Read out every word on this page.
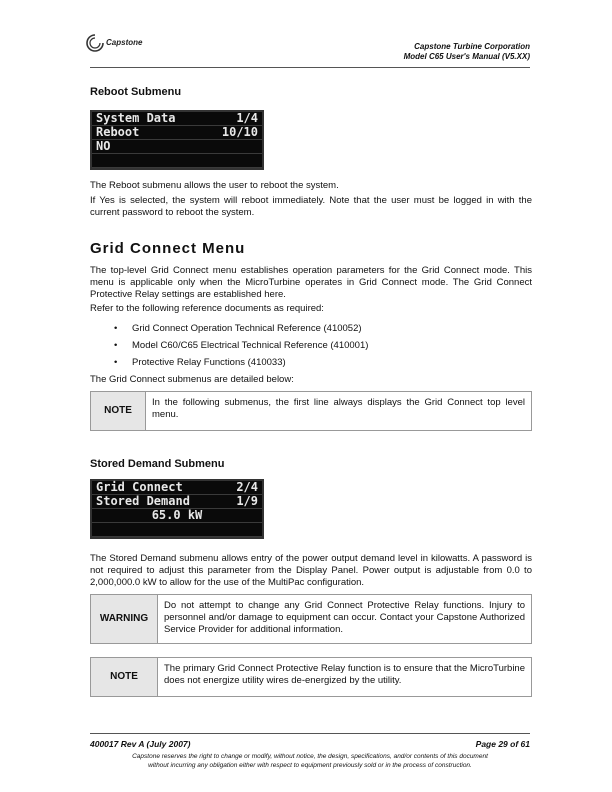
Capstone	Capstone Turbine Corporation
Model C65 User's Manual (V5.XX)
Reboot Submenu
System Data	1/4
Reboot	10/10
NO

The Reboot submenu allows the user to reboot the system.

If Yes is selected, the system will reboot immediately. Note that the user must be logged in with the current password to reboot the system.

Grid Connect Menu

The top-level Grid Connect menu establishes operation parameters for the Grid Connect mode. This menu is applicable only when the MicroTurbine operates in Grid Connect mode. The Grid Connect Protective Relay settings are established here.

Refer to the following reference documents as required:

• Grid Connect Operation Technical Reference (410052)
• Model C60/C65 Electrical Technical Reference (410001)
• Protective Relay Functions (410033)

The Grid Connect submenus are detailed below:

NOTE
In the following submenus, the first line always displays the Grid Connect top level menu.
Stored Demand Submenu
Grid Connect	2/4
Stored Demand	1/9
65.0 kW

The Stored Demand submenu allows entry of the power output demand level in kilowatts. A password is not required to adjust this parameter from the Display Panel. Power output is adjustable from 0.0 to 2,000,000.0 kW to allow for the use of the MultiPac configuration.

WARNING
Do not attempt to change any Grid Connect Protective Relay functions. Injury to personnel and/or damage to equipment can occur. Contact your Capstone Authorized Service Provider for additional information.
NOTE
The primary Grid Connect Protective Relay function is to ensure that the MicroTurbine does not energize utility wires de-energized by the utility.
400017 Rev A (July 2007)	Page 29 of 61
Capstone reserves the right to change or modify, without notice, the design, specifications, and/or contents of this document
without incurring any obligation either with respect to equipment previously sold or in the process of construction.
